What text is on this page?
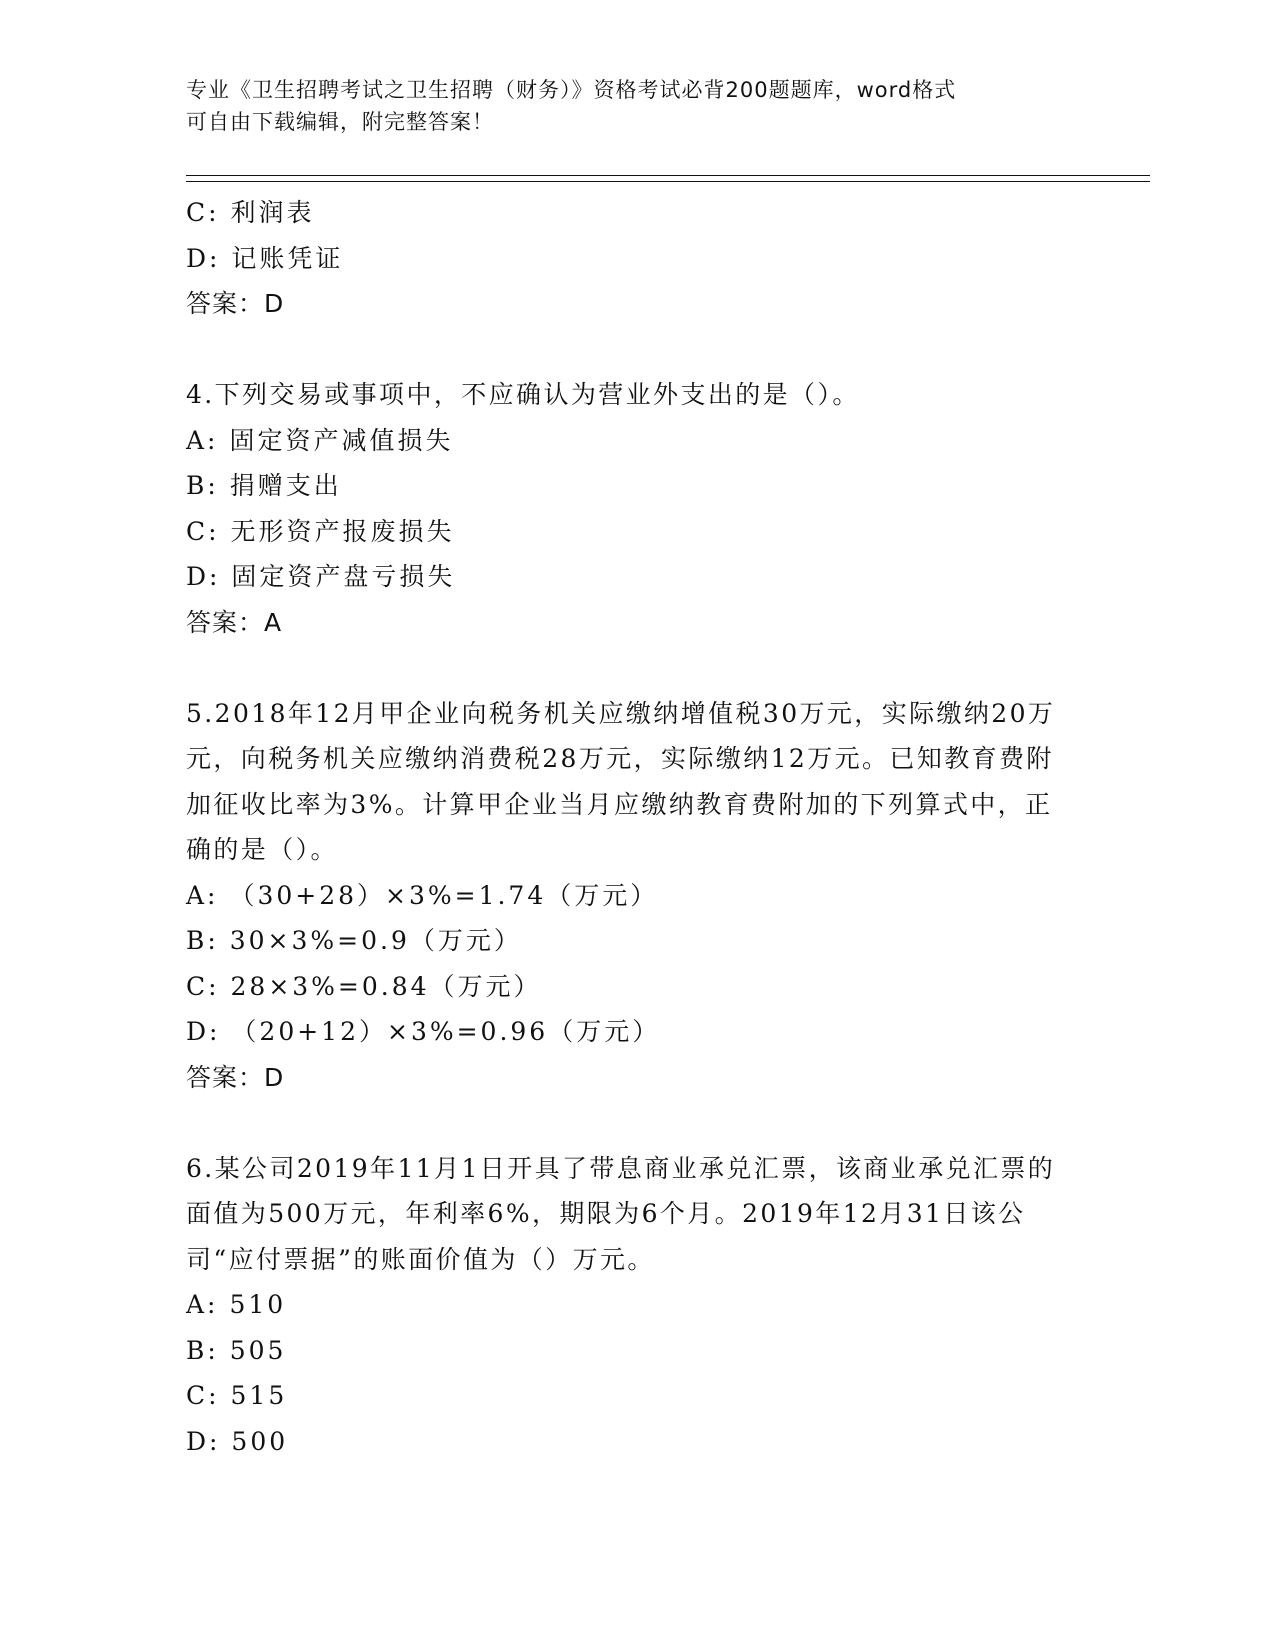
专业《卫生招聘考试之卫生招聘（财务）》资格考试必背200题题库，word格式
可自由下载编辑，附完整答案！
C: 利润表
D: 记账凭证
答案：D
4.下列交易或事项中，不应确认为营业外支出的是（）。
A: 固定资产减值损失
B: 捐赠支出
C: 无形资产报废损失
D: 固定资产盘亏损失
答案：A
5.2018年12月甲企业向税务机关应缴纳增值税30万元，实际缴纳20万元，向税务机关应缴纳消费税28万元，实际缴纳12万元。已知教育费附加征收比率为3%。计算甲企业当月应缴纳教育费附加的下列算式中，正确的是（）。
A: （30+28）×3%=1.74（万元）
B: 30×3%=0.9（万元）
C: 28×3%=0.84（万元）
D: （20+12）×3%=0.96（万元）
答案：D
6.某公司2019年11月1日开具了带息商业承兑汇票，该商业承兑汇票的面值为500万元，年利率6%，期限为6个月。2019年12月31日该公司“应付票据”的账面价值为（）万元。
A: 510
B: 505
C: 515
D: 500
